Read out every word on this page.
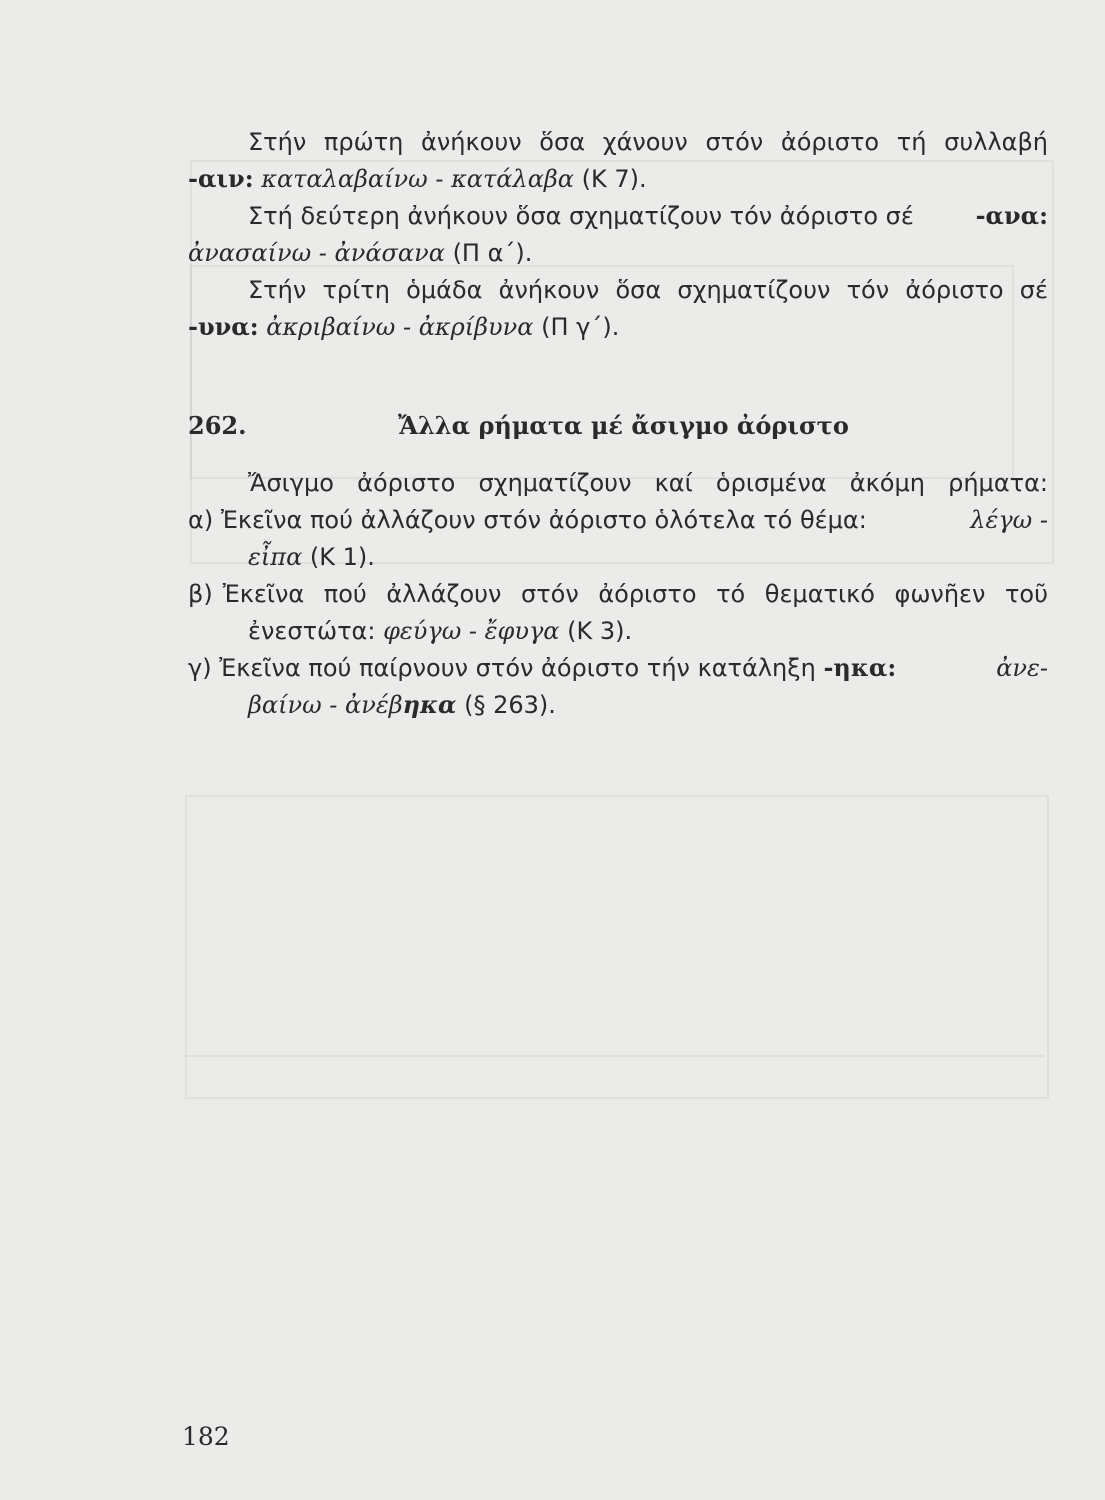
Στήν πρώτη ἀνήκουν ὅσα χάνουν στόν ἀόριστο τή συλλαβή
-αιν: καταλαβαίνω - κατάλαβα (Κ 7).
Στή δεύτερη ἀνήκουν ὅσα σχηματίζουν τόν ἀόριστο σέ	-ανα:
ἀνασαίνω - ἀνάσανα (Π α΄).
Στήν τρίτη ὁμάδα ἀνήκουν ὅσα σχηματίζουν τόν ἀόριστο σέ
-υνα: ἀκριβαίνω - ἀκρίβυνα (Π γ΄).
262.	Ἄλλα ρήματα μέ ἄσιγμο ἀόριστο
Ἄσιγμο ἀόριστο σχηματίζουν καί ὁρισμένα ἀκόμη ρήματα:
α) Ἐκεῖνα πού ἀλλάζουν στόν ἀόριστο ὁλότελα τό θέμα:	λέγω -
εἶπα (Κ 1).
β) Ἐκεῖνα πού ἀλλάζουν στόν ἀόριστο τό θεματικό φωνῆεν τοῦ
ἐνεστώτα: φεύγω - ἔφυγα (Κ 3).
γ) Ἐκεῖνα πού παίρνουν στόν ἀόριστο τήν κατάληξη -ηκα:	ἀνε-
βαίνω - ἀνέβηκα (§ 263).
182
